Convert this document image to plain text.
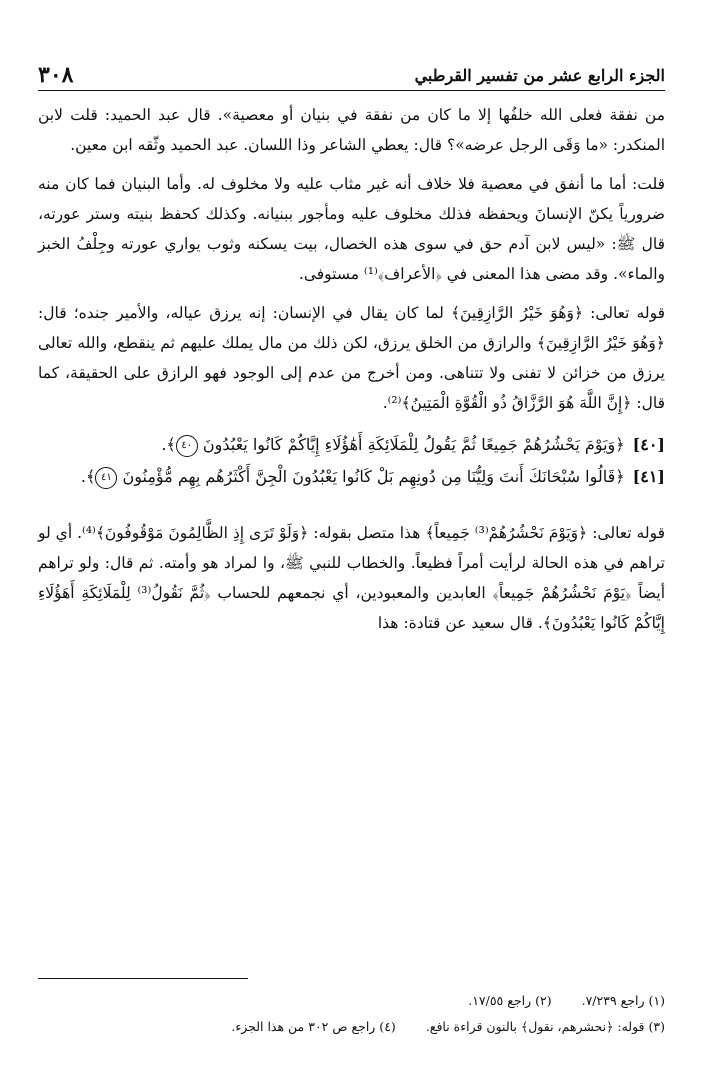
الجزء الرابع عشر من تفسير القرطبي
٣٠٨

من نفقة فعلى الله خلفُها إلا ما كان من نفقة في بنيان أو معصية». قال عبد الحميد: قلت لابن المنكدر: «ما وَقَى الرجل عرضه»؟ قال: يعطي الشاعر وذا اللسان. عبد الحميد وثّقه ابن معين.

قلت: أما ما أنفق في معصية فلا خلاف أنه غير مثاب عليه ولا مخلوف له. وأما البنيان فما كان منه ضرورياً يكنّ الإنسانَ ويحفظه فذلك مخلوف عليه ومأجور ببنيانه. وكذلك كحفظ بنيته وستر عورته، قال ﷺ: «ليس لابن آدم حق في سوى هذه الخصال، بيت يسكنه وثوب يواري عورته وجِلْفُ الخبز والماء». وقد مضى هذا المعنى في ﴿الأعراف﴾⁽¹⁾ مستوفى.

قوله تعالى: ﴿وَهُوَ خَيْرُ الرَّازِقِينَ﴾ لما كان يقال في الإنسان: إنه يرزق عياله، والأمير جنده؛ قال: ﴿وَهُوَ خَيْرُ الرَّازِقِينَ﴾ والرازق من الخلق يرزق، لكن ذلك من مال يملك عليهم ثم ينقطع، والله تعالى يرزق من خزائن لا تفنى ولا تتناهى. ومن أخرج من عدم إلى الوجود فهو الرازق على الحقيقة، كما قال: ﴿إِنَّ اللَّهَ هُوَ الرَّزَّاقُ ذُو الْقُوَّةِ الْمَتِينُ﴾⁽²⁾.

[٤٠]
﴿وَيَوْمَ يَحْشُرُهُمْ جَمِيعًا ثُمَّ يَقُولُ لِلْمَلَائِكَةِ أَهَٰؤُلَاءِ إِيَّاكُمْ كَانُوا يَعْبُدُونَ ٤٠﴾.
[٤١]
﴿قَالُوا سُبْحَانَكَ أَنتَ وَلِيُّنَا مِن دُونِهِم بَلْ كَانُوا يَعْبُدُونَ الْجِنَّ أَكْثَرُهُم بِهِم مُّؤْمِنُونَ ٤١﴾.

قوله تعالى: ﴿وَيَوْمَ نَحْشُرُهُمْ⁽³⁾ جَمِيعاً﴾ هذا متصل بقوله: ﴿وَلَوْ تَرَى إِذِ الظَّالِمُونَ مَوْقُوفُونَ﴾⁽⁴⁾. أي لو تراهم في هذه الحالة لرأيت أمراً فظيعاً. والخطاب للنبي ﷺ، وا لمراد هو وأمته. ثم قال: ولو تراهم أيضاً ﴿يَوْمَ نَحْشُرُهُمْ جَمِيعاً﴾ العابدين والمعبودين، أي نجمعهم للحساب ﴿ثُمَّ نَقُولُ⁽³⁾ لِلْمَلَائِكَةِ أَهَؤُلَاءِ إِيَّاكُمْ كَانُوا يَعْبُدُونَ﴾. قال سعيد عن قتادة: هذا

(١) راجع ٧/٢٣٩.
(٢) راجع ١٧/٥٥.
(٣) قوله: ﴿نحشرهم، نقول﴾ بالنون قراءة نافع.
(٤) راجع ص ٣٠٢ من هذا الجزء.
